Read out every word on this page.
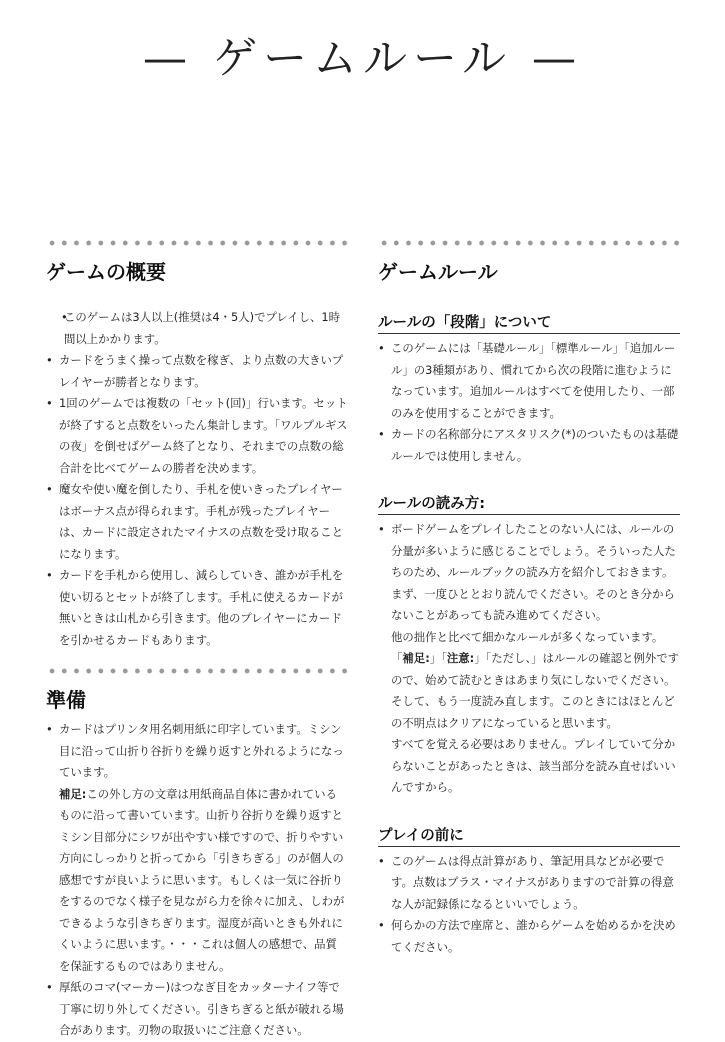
— ゲームルール —
ゲームの概要
• このゲームは3人以上(推奨は4・5人)でプレイし、1時間以上かかります。
• カードをうまく操って点数を稼ぎ、より点数の大きいプレイヤーが勝者となります。
• 1回のゲームでは複数の「セット(回)」行います。セットが終了すると点数をいったん集計します。「ワルプルギスの夜」を倒せばゲーム終了となり、それまでの点数の総合計を比べてゲームの勝者を決めます。
• 魔女や使い魔を倒したり、手札を使いきったプレイヤーはボーナス点が得られます。手札が残ったプレイヤーは、カードに設定されたマイナスの点数を受け取ることになります。
• カードを手札から使用し、減らしていき、誰かが手札を使い切るとセットが終了します。手札に使えるカードが無いときは山札から引きます。他のプレイヤーにカードを引かせるカードもあります。
準備
• カードはプリンタ用名刺用紙に印字しています。ミシン目に沿って山折り谷折りを繰り返すと外れるようになっています。
補足:この外し方の文章は用紙商品自体に書かれているものに沿って書いています。山折り谷折りを繰り返すとミシン目部分にシワが出やすい様ですので、折りやすい方向にしっかりと折ってから「引きちぎる」のが個人の感想ですが良いように思います。もしくは一気に谷折りをするのでなく様子を見ながら力を徐々に加え、しわができるような引きちぎります。湿度が高いときも外れにくいように思います。・・・これは個人の感想で、品質を保証するものではありません。
• 厚紙のコマ(マーカー)はつなぎ目をカッターナイフ等で丁寧に切り外してください。引きちぎると紙が破れる場合があります。刃物の取扱いにご注意ください。
ゲームルール
ルールの「段階」について
• このゲームには「基礎ルール」「標準ルール」「追加ルール」の3種類があり、慣れてから次の段階に進むようになっています。追加ルールはすべてを使用したり、一部のみを使用することができます。
• カードの名称部分にアスタリスク(*)のついたものは基礎ルールでは使用しません。
ルールの読み方:
• ボードゲームをプレイしたことのない人には、ルールの分量が多いように感じることでしょう。そういった人たちのため、ルールブックの読み方を紹介しておきます。
まず、一度ひととおり読んでください。そのとき分からないことがあっても読み進めてください。
他の拙作と比べて細かなルールが多くなっています。「補足:」「注意:」「ただし、」はルールの確認と例外ですので、始めて読むときはあまり気にしないでください。そして、もう一度読み直します。このときにはほとんどの不明点はクリアになっていると思います。
すべてを覚える必要はありません。プレイしていて分からないことがあったときは、該当部分を読み直せばいいんですから。
プレイの前に
• このゲームは得点計算があり、筆記用具などが必要です。点数はプラス・マイナスがありますので計算の得意な人が記録係になるといいでしょう。
• 何らかの方法で座席と、誰からゲームを始めるかを決めてください。
